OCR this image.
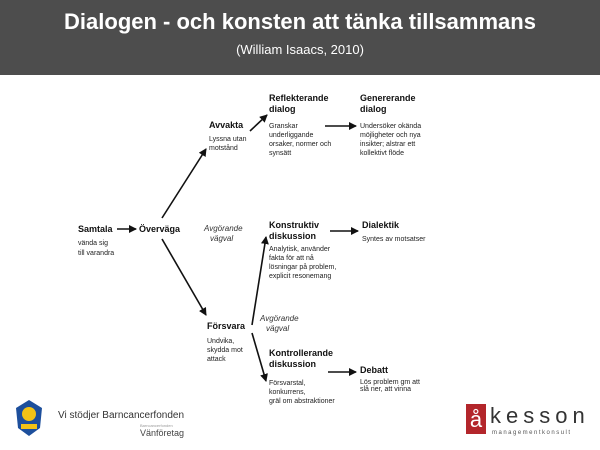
Dialogen - och konsten att tänka tillsammans
(William Isaacs, 2010)
Samtala
vända sig
till varandra
Överväga
Avvakta
Lyssna utan
motstånd
Avgörande
vägval
Försvara
Undvika,
skydda mot
attack
Avgörande
vägval
Reflekterande
dialog
Granskar
underliggande
orsaker, normer och
synsätt
Genererande
dialog
Undersöker okända
möjligheter och nya
insikter; alstrar ett
kollektivt flöde
Konstruktiv
diskussion
Analytisk, använder
fakta för att nå
lösningar på problem,
explicit resonemang
Dialektik
Syntes av motsatser
Kontrollerande
diskussion
Försvarstal,
konkurrens,
gräl om abstraktioner
Debatt
Lös problem gm att
slå ner, att vinna
Vi stödjer Barncancerfonden
Barncancerfonden
Vänföretag
å kesson
managementkonsult
